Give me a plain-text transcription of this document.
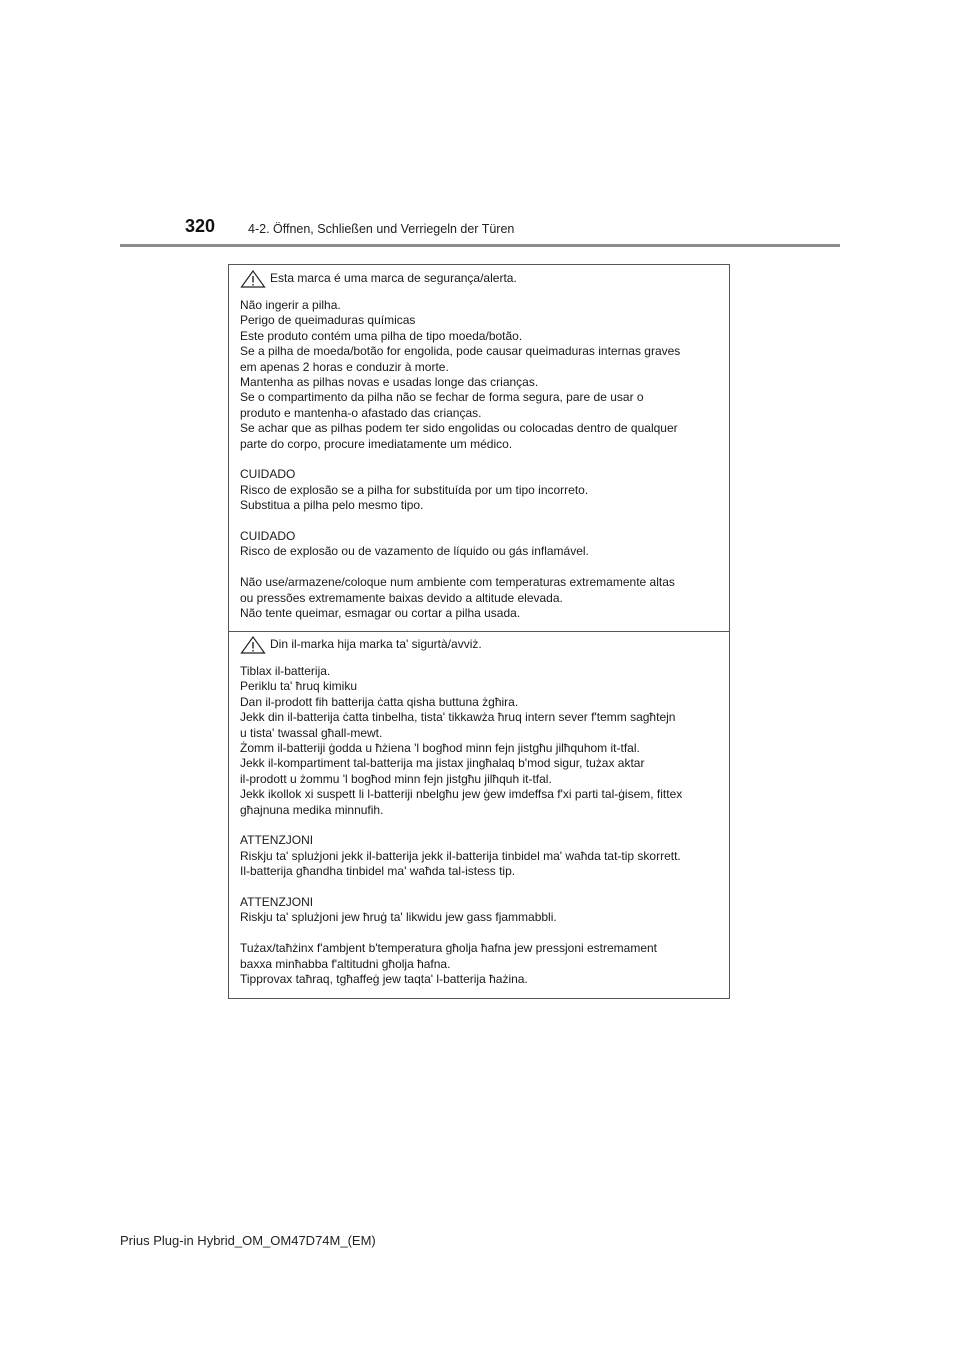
320	4-2. Öffnen, Schließen und Verriegeln der Türen
Esta marca é uma marca de segurança/alerta.
Não ingerir a pilha.
Perigo de queimaduras químicas
Este produto contém uma pilha de tipo moeda/botão.
Se a pilha de moeda/botão for engolida, pode causar queimaduras internas graves
em apenas 2 horas e conduzir à morte.
Mantenha as pilhas novas e usadas longe das crianças.
Se o compartimento da pilha não se fechar de forma segura, pare de usar o
produto e mantenha-o afastado das crianças.
Se achar que as pilhas podem ter sido engolidas ou colocadas dentro de qualquer
parte do corpo, procure imediatamente um médico.
CUIDADO
Risco de explosão se a pilha for substituída por um tipo incorreto.
Substitua a pilha pelo mesmo tipo.
CUIDADO
Risco de explosão ou de vazamento de líquido ou gás inflamável.
Não use/armazene/coloque num ambiente com temperaturas extremamente altas
ou pressões extremamente baixas devido a altitude elevada.
Não tente queimar, esmagar ou cortar a pilha usada.
Din il-marka hija marka ta' sigurtà/avviż.
Tiblax il-batterija.
Periklu ta' ħruq kimiku
Dan il-prodott fih batterija ċatta qisha buttuna żgħira.
Jekk din il-batterija ċatta tinbelha, tista' tikkawża ħruq intern sever f'temm sagħtejn
u tista' twassal għall-mewt.
Żomm il-batteriji ġodda u ħżiena 'l bogħod minn fejn jistgħu jilħquhom it-tfal.
Jekk il-kompartiment tal-batterija ma jistax jingħalaq b'mod sigur, tużax aktar
il-prodott u żommu 'l bogħod minn fejn jistgħu jilħquh it-tfal.
Jekk ikollok xi suspett li l-batteriji nbelgħu jew ġew imdeffsa f'xi parti tal-ġisem, fittex
għajnuna medika minnufih.
ATTENZJONI
Riskju ta' splużjoni jekk il-batterija jekk il-batterija tinbidel ma' waħda tat-tip skorrett.
Il-batterija għandha tinbidel ma' waħda tal-istess tip.
ATTENZJONI
Riskju ta' splużjoni jew ħruġ ta' likwidu jew gass fjammabbli.
Tużax/taħżinx f'ambjent b'temperatura għolja ħafna jew pressjoni estremament
baxxa minħabba f'altitudni għolja ħafna.
Tipprovax taħraq, tgħaffeġ jew taqta' l-batterija ħażina.
Prius Plug-in Hybrid_OM_OM47D74M_(EM)
